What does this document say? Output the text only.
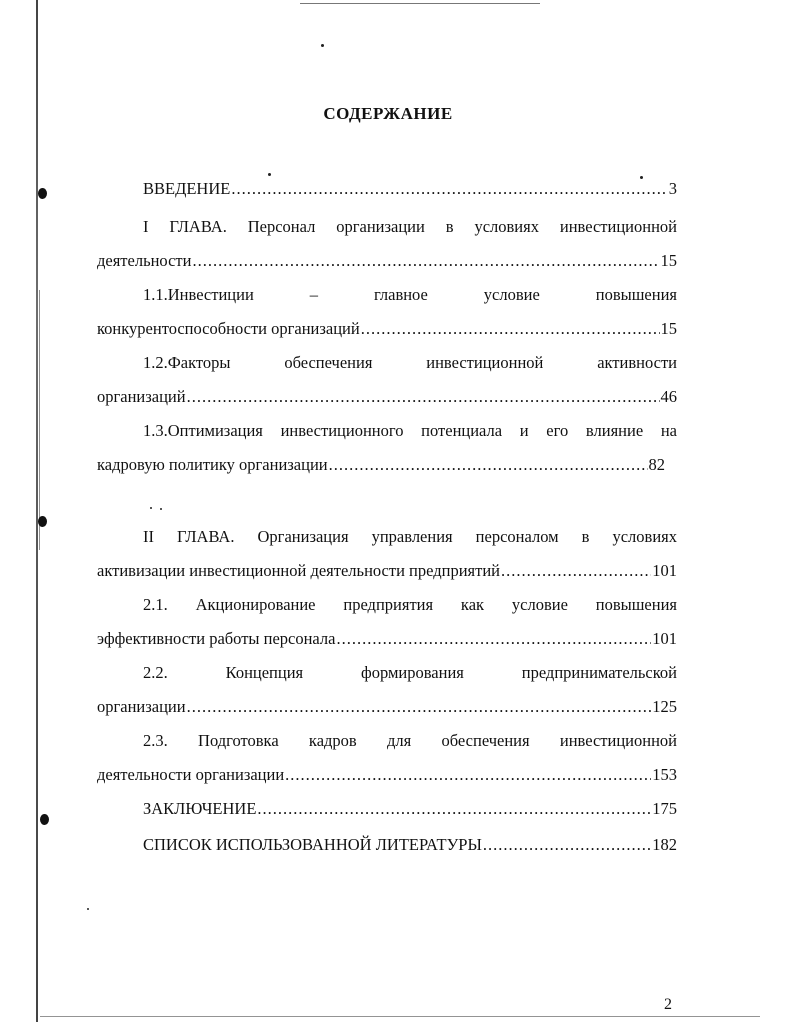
СОДЕРЖАНИЕ
ВВЕДЕНИЕ .....	3
I ГЛАВА. Персонал организации в условиях инвестиционной
деятельности .....	15
1.1.Инвестиции – главное условие повышения
конкурентоспособности организаций .....	15
1.2.Факторы обеспечения инвестиционной активности
организаций .....	46
1.3.Оптимизация инвестиционного потенциала и его влияние на
кадровую политику организации .....	82
II ГЛАВА. Организация управления персоналом в условиях
активизации инвестиционной деятельности предприятий .....	101
2.1. Акционирование предприятия как условие повышения
эффективности работы персонала .....	101
2.2. Концепция формирования предпринимательской
организации .....	125
2.3. Подготовка кадров для обеспечения инвестиционной
деятельности организации .....	153
ЗАКЛЮЧЕНИЕ .....	175
СПИСОК ИСПОЛЬЗОВАННОЙ ЛИТЕРАТУРЫ .....	182
2
